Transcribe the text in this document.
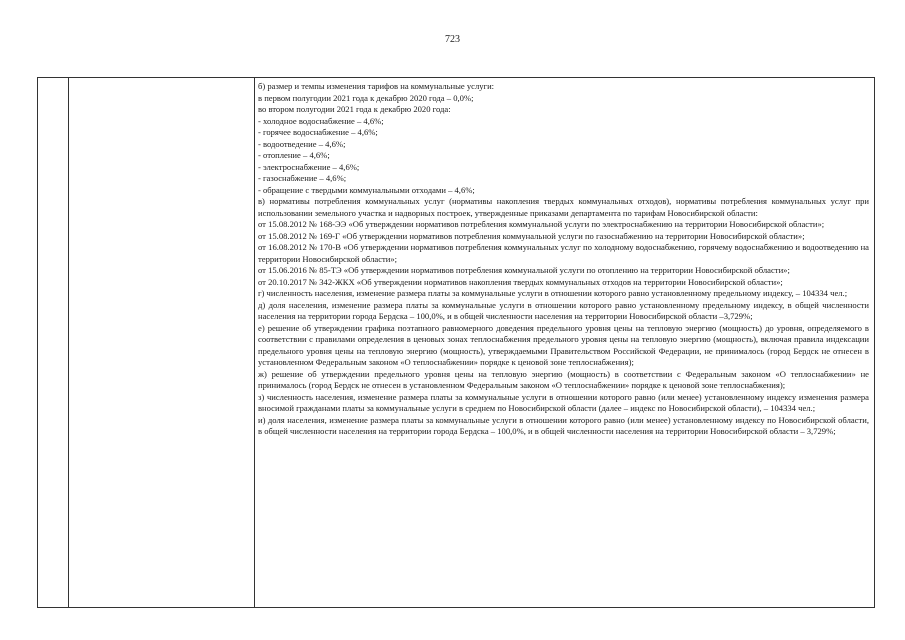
723

б) размер и темпы изменения тарифов на коммунальные услуги:

в первом полугодии 2021 года к декабрю 2020 года – 0,0%;

во втором полугодии 2021 года к декабрю 2020 года:

- холодное водоснабжение – 4,6%;

- горячее водоснабжение – 4,6%;

- водоотведение – 4,6%;

- отопление – 4,6%;

- электроснабжение – 4,6%;

- газоснабжение – 4,6%;

- обращение с твердыми коммунальными отходами – 4,6%;

в) нормативы потребления коммунальных услуг (нормативы накопления твердых коммунальных отходов), нормативы потребления коммунальных услуг при использовании земельного участка и надворных построек, утвержденные приказами департамента по тарифам Новосибирской области:

от 15.08.2012 № 168-ЭЭ «Об утверждении нормативов потребления коммунальной услуги по электроснабжению на территории Новосибирской области»;

от 15.08.2012 № 169-Г «Об утверждении нормативов потребления коммунальной услуги по газоснабжению на территории Новосибирской области»;

от 16.08.2012 № 170-В «Об утверждении нормативов потребления коммунальных услуг по холодному водоснабжению, горячему водоснабжению и водоотведению на территории Новосибирской области»;

от 15.06.2016 № 85-ТЭ «Об утверждении нормативов потребления коммунальной услуги по отоплению на территории Новосибирской области»;

от 20.10.2017 № 342-ЖКХ «Об утверждении нормативов накопления твердых коммунальных отходов на территории Новосибирской области»;

г) численность населения, изменение размера платы за коммунальные услуги в отношении которого равно установленному предельному индексу, – 104334 чел.;

д) доля населения, изменение размера платы за коммунальные услуги в отношении которого равно установленному предельному индексу, в общей численности населения на территории города Бердска – 100,0%, и в общей численности населения на территории Новосибирской области –3,729%;

е) решение об утверждении графика поэтапного равномерного доведения предельного уровня цены на тепловую энергию (мощность) до уровня, определяемого в соответствии с правилами определения в ценовых зонах теплоснабжения предельного уровня цены на тепловую энергию (мощность), включая правила индексации предельного уровня цены на тепловую энергию (мощность), утверждаемыми Правительством Российской Федерации, не принималось (город Бердск не отнесен в установленном Федеральным законом «О теплоснабжении» порядке к ценовой зоне теплоснабжения);

ж) решение об утверждении предельного уровня цены на тепловую энергию (мощность) в соответствии с Федеральным законом «О теплоснабжении» не принималось (город Бердск не отнесен в установленном Федеральным законом «О теплоснабжении» порядке к ценовой зоне теплоснабжения);

з) численность населения, изменение размера платы за коммунальные услуги в отношении которого равно (или менее) установленному индексу изменения размера вносимой гражданами платы за коммунальные услуги в среднем по Новосибирской области (далее – индекс по Новосибирской области), – 104334 чел.;

и) доля населения, изменение размера платы за коммунальные услуги в отношении которого равно (или менее) установленному индексу по Новосибирской области, в общей численности населения на территории города Бердска – 100,0%, и в общей численности населения на территории Новосибирской области – 3,729%;
